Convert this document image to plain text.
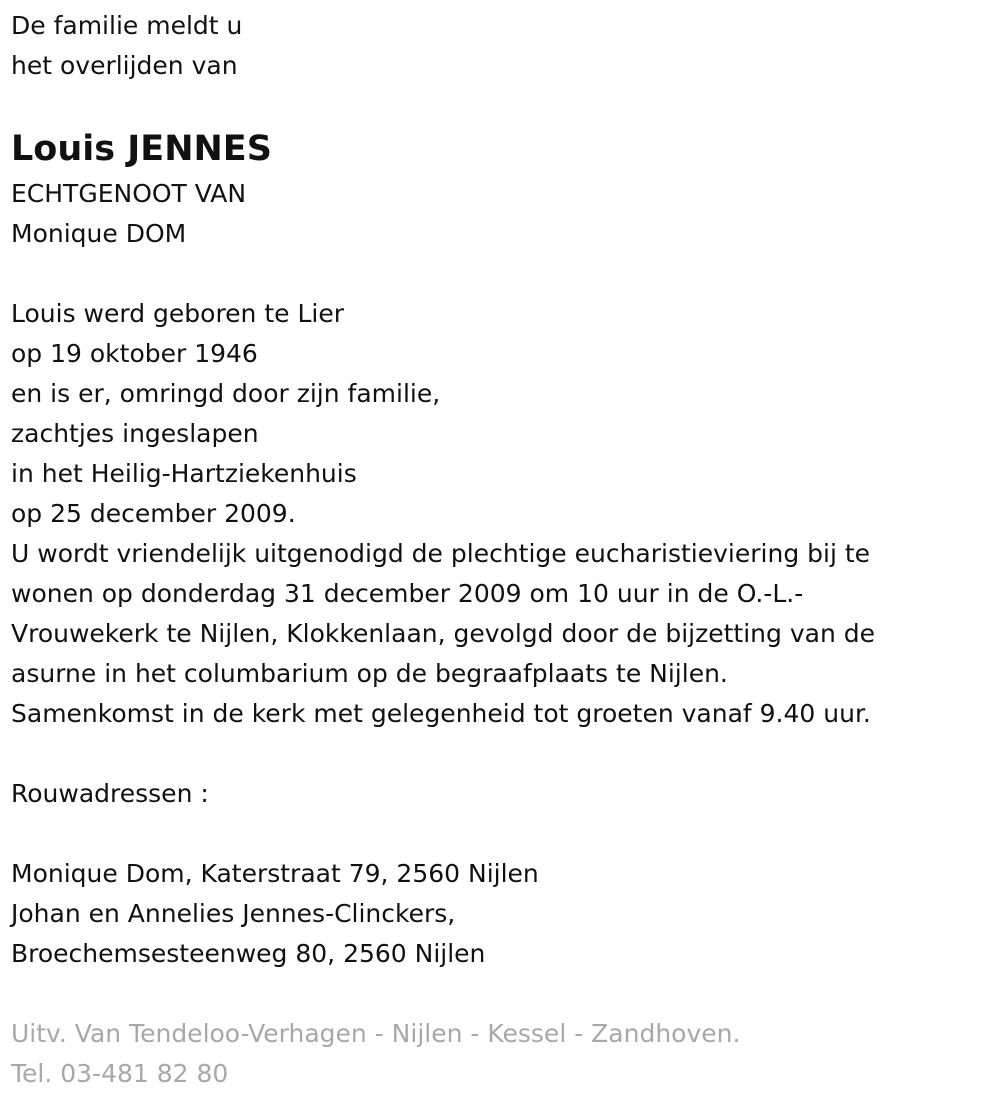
De familie meldt u
het overlijden van
Louis JENNES
ECHTGENOOT VAN
Monique DOM
Louis werd geboren te Lier
op 19 oktober 1946
en is er, omringd door zijn familie,
zachtjes ingeslapen
in het Heilig-Hartziekenhuis
op 25 december 2009.
U wordt vriendelijk uitgenodigd de plechtige eucharistieviering bij te
wonen op donderdag 31 december 2009 om 10 uur in de O.-L.-
Vrouwekerk te Nijlen, Klokkenlaan, gevolgd door de bijzetting van de
asurne in het columbarium op de begraafplaats te Nijlen.
Samenkomst in de kerk met gelegenheid tot groeten vanaf 9.40 uur.
Rouwadressen :
Monique Dom, Katerstraat 79, 2560 Nijlen
Johan en Annelies Jennes-Clinckers,
Broechemsesteenweg 80, 2560 Nijlen
Uitv. Van Tendeloo-Verhagen - Nijlen - Kessel - Zandhoven.
Tel. 03-481 82 80
